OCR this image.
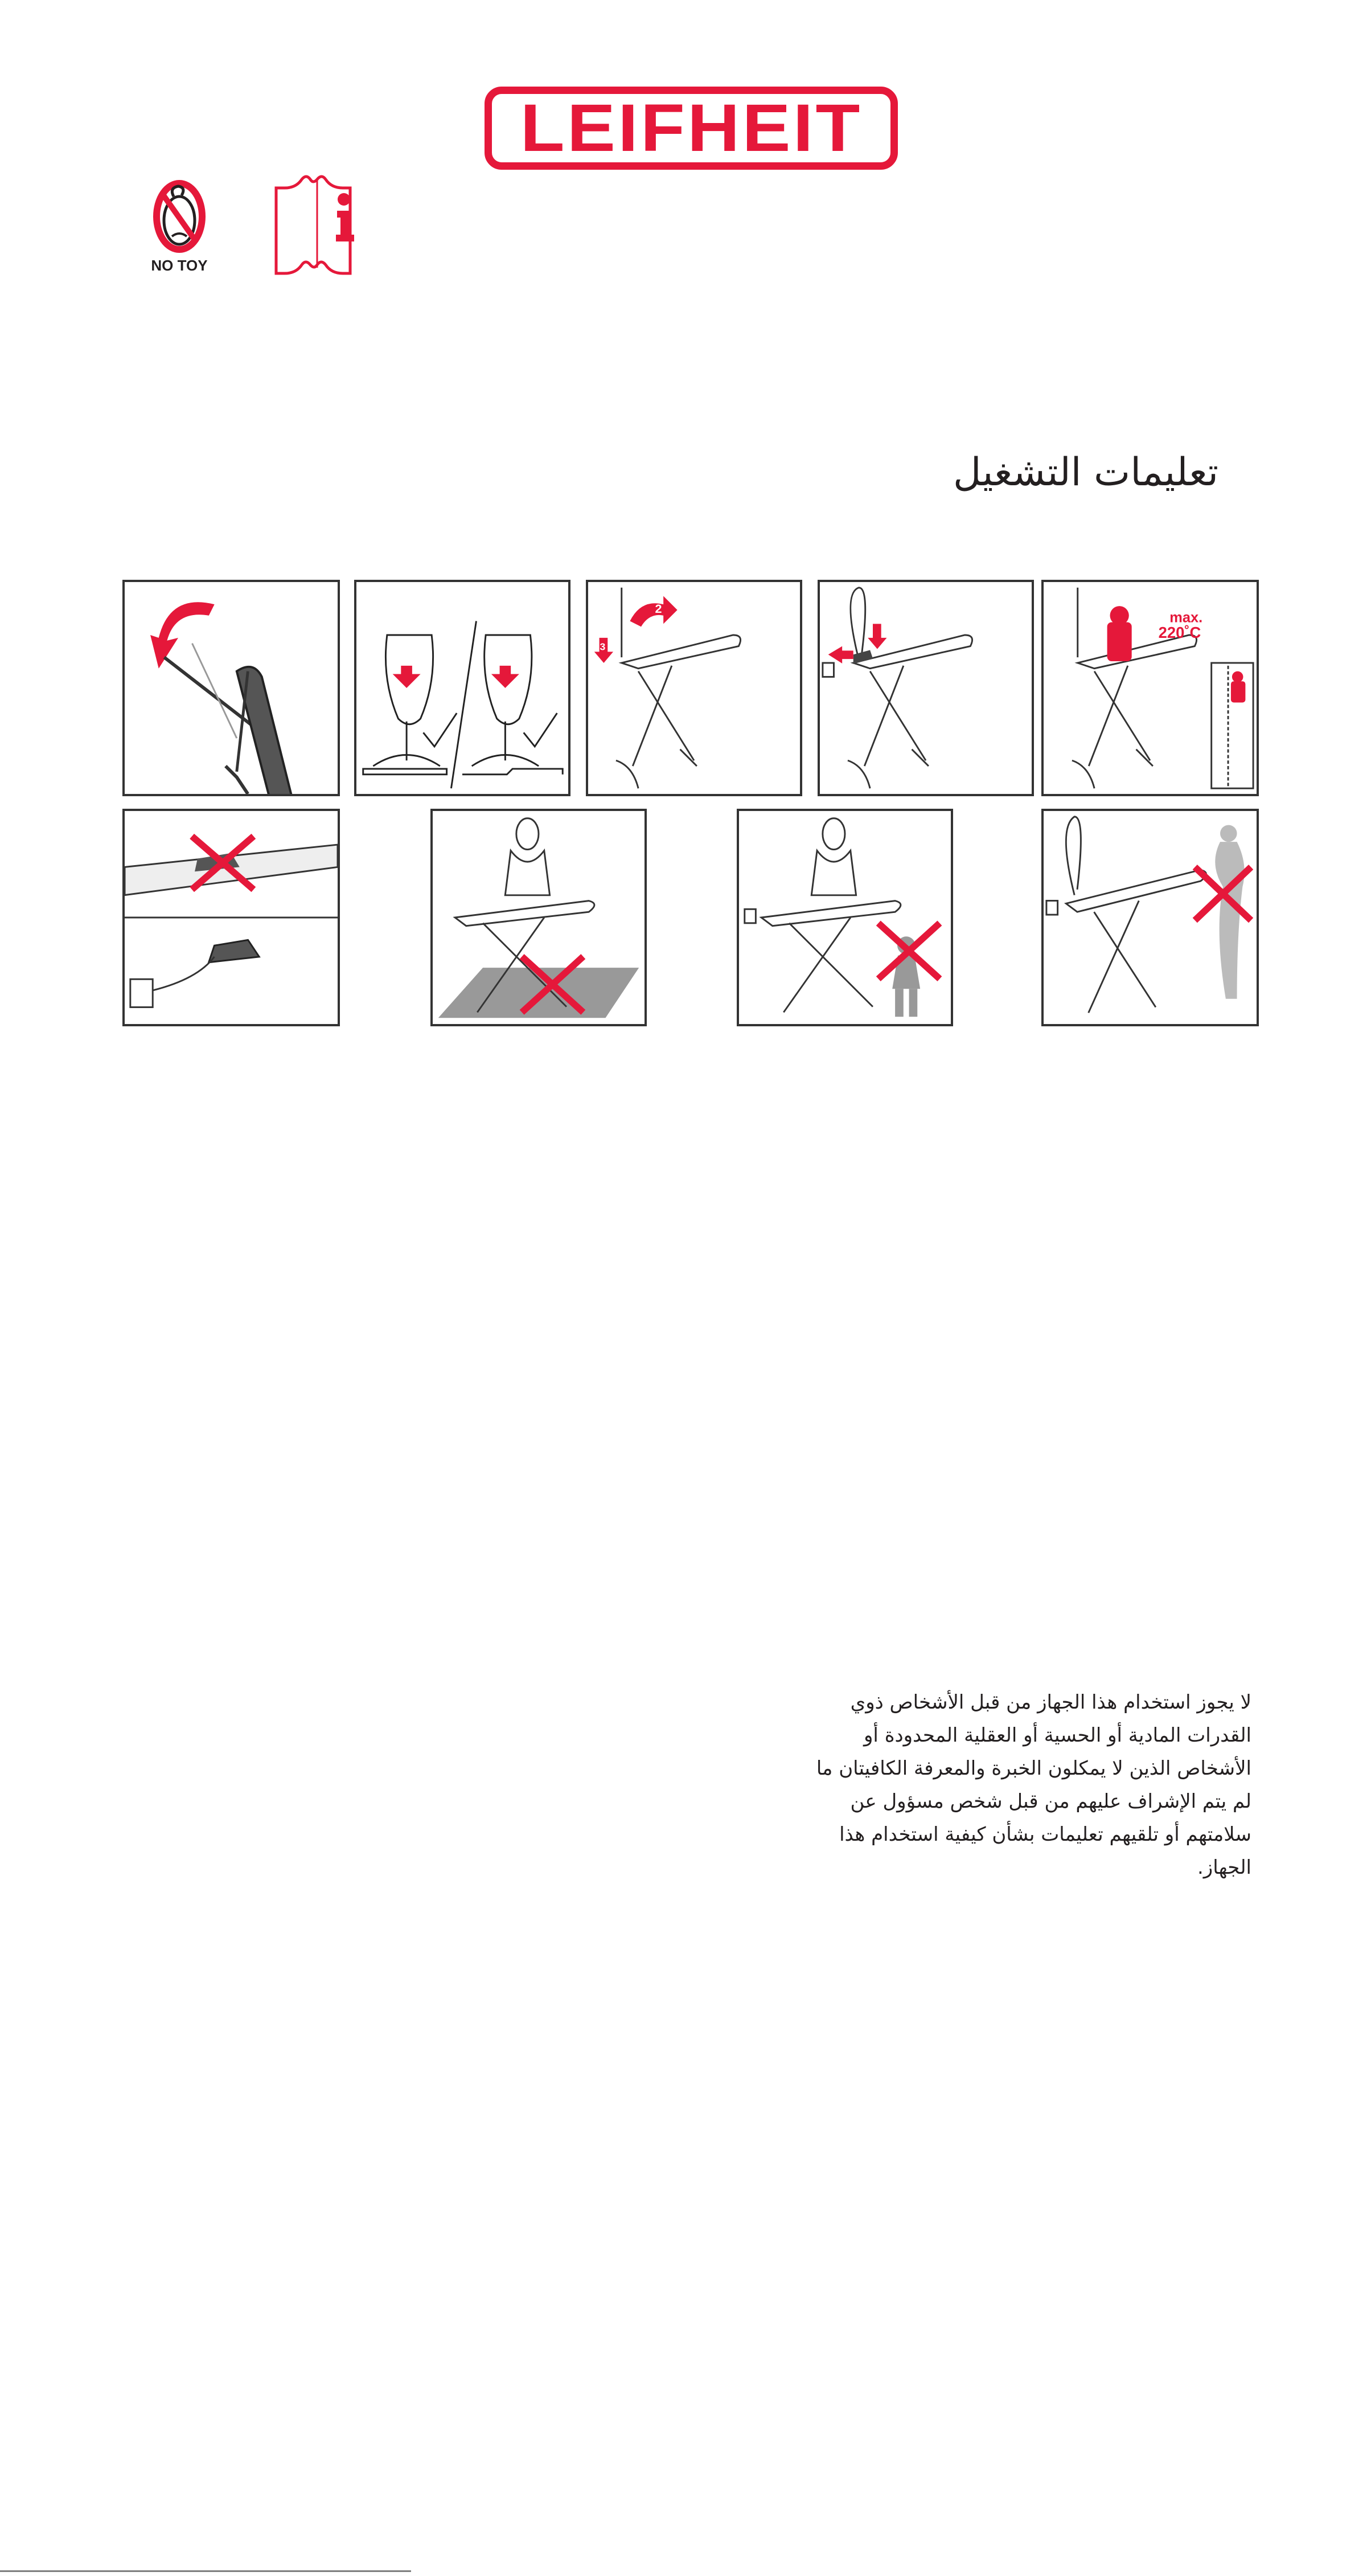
LEIFHEIT
NO TOY
تعليمات التشغيل
2
3
max.
220˚C
لا يجوز استخدام هذا الجهاز من قبل الأشخاص ذوي
القدرات المادية أو الحسية أو العقلية المحدودة أو
الأشخاص الذين لا يمكلون الخبرة والمعرفة الكافيتان ما
لم يتم الإشراف عليهم من قبل شخص مسؤول عن
سلامتهم أو تلقيهم تعليمات بشأن كيفية استخدام هذا
الجهاز.
